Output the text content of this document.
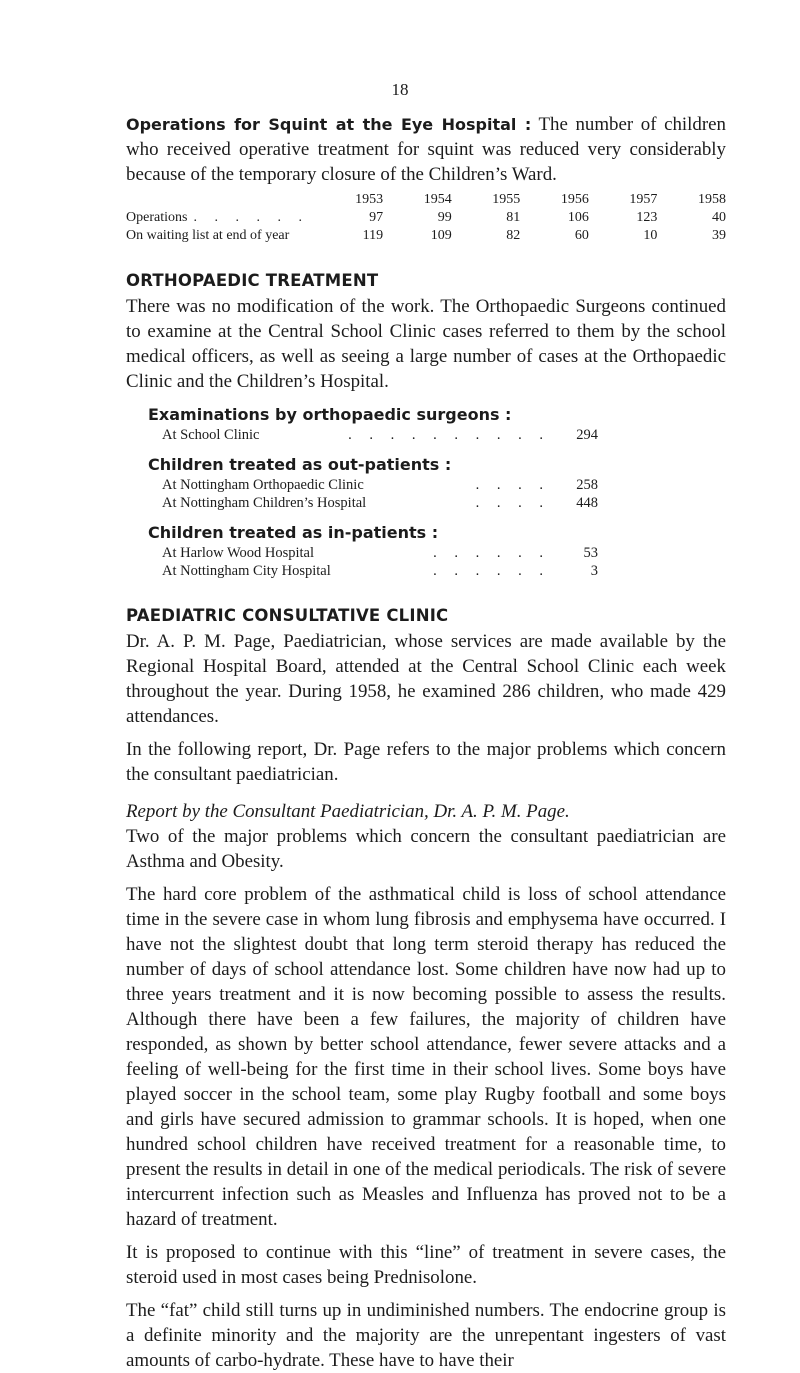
18

Operations for Squint at the Eye Hospital : The number of children who received operative treatment for squint was reduced very considerably because of the temporary closure of the Children’s Ward.

	1953	1954	1955	1956	1957	1958
Operations . . . . . .	97	99	81	106	123	40
On waiting list at end of year	119	109	82	60	10	39
ORTHOPAEDIC TREATMENT

There was no modification of the work. The Orthopaedic Surgeons continued to examine at the Central School Clinic cases referred to them by the school medical officers, as well as seeing a large number of cases at the Orthopaedic Clinic and the Children’s Hospital.

Examinations by orthopaedic surgeons :
At School Clinic	. . . . . . . . . .	294
Children treated as out-patients :
At Nottingham Orthopaedic Clinic	. . . .	258
At Nottingham Children’s Hospital	. . . .	448
Children treated as in-patients :
At Harlow Wood Hospital	. . . . . .	53
At Nottingham City Hospital	. . . . . .	3
PAEDIATRIC CONSULTATIVE CLINIC

Dr. A. P. M. Page, Paediatrician, whose services are made available by the Regional Hospital Board, attended at the Central School Clinic each week throughout the year. During 1958, he examined 286 children, who made 429 attendances.

In the following report, Dr. Page refers to the major problems which concern the consultant paediatrician.

Report by the Consultant Paediatrician, Dr. A. P. M. Page.

Two of the major problems which concern the consultant paediatrician are Asthma and Obesity.

The hard core problem of the asthmatical child is loss of school attendance time in the severe case in whom lung fibrosis and emphysema have occurred. I have not the slightest doubt that long term steroid therapy has reduced the number of days of school attendance lost. Some children have now had up to three years treatment and it is now becoming possible to assess the results. Although there have been a few failures, the majority of children have responded, as shown by better school attendance, fewer severe attacks and a feeling of well-being for the first time in their school lives. Some boys have played soccer in the school team, some play Rugby football and some boys and girls have secured admission to grammar schools. It is hoped, when one hundred school children have received treatment for a reasonable time, to present the results in detail in one of the medical periodicals. The risk of severe intercurrent infection such as Measles and Influenza has proved not to be a hazard of treatment.

It is proposed to continue with this “line” of treatment in severe cases, the steroid used in most cases being Prednisolone.

The “fat” child still turns up in undiminished numbers. The endocrine group is a definite minority and the majority are the unrepentant ingesters of vast amounts of carbo-hydrate. These have to have their
